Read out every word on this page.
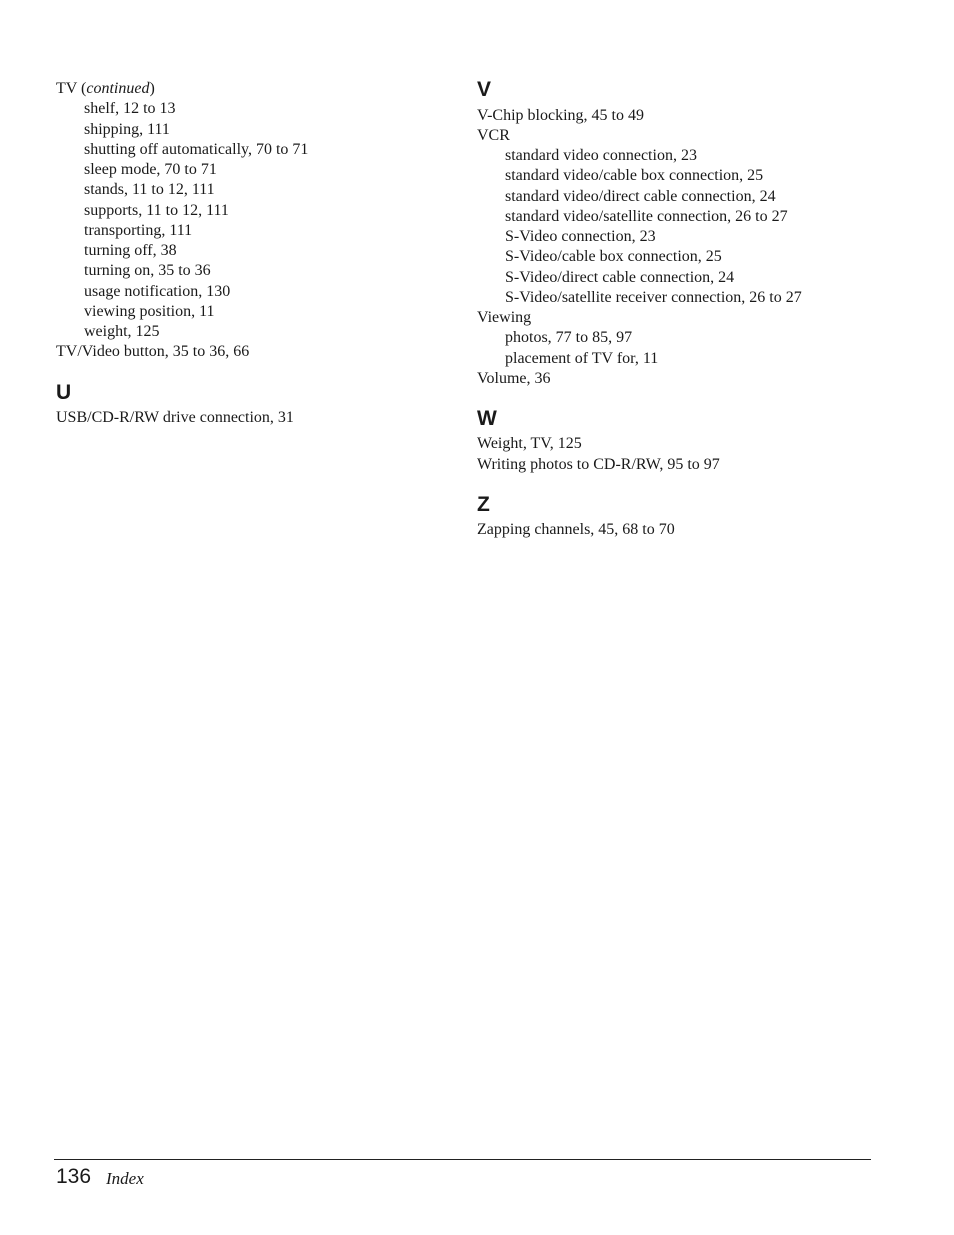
TV (continued)
shelf, 12 to 13
shipping, 111
shutting off automatically, 70 to 71
sleep mode, 70 to 71
stands, 11 to 12, 111
supports, 11 to 12, 111
transporting, 111
turning off, 38
turning on, 35 to 36
usage notification, 130
viewing position, 11
weight, 125
TV/Video button, 35 to 36, 66
U
USB/CD-R/RW drive connection, 31
V
V-Chip blocking, 45 to 49
VCR
standard video connection, 23
standard video/cable box connection, 25
standard video/direct cable connection, 24
standard video/satellite connection, 26 to 27
S-Video connection, 23
S-Video/cable box connection, 25
S-Video/direct cable connection, 24
S-Video/satellite receiver connection, 26 to 27
Viewing
photos, 77 to 85, 97
placement of TV for, 11
Volume, 36
W
Weight, TV, 125
Writing photos to CD-R/RW, 95 to 97
Z
Zapping channels, 45, 68 to 70
136 Index
